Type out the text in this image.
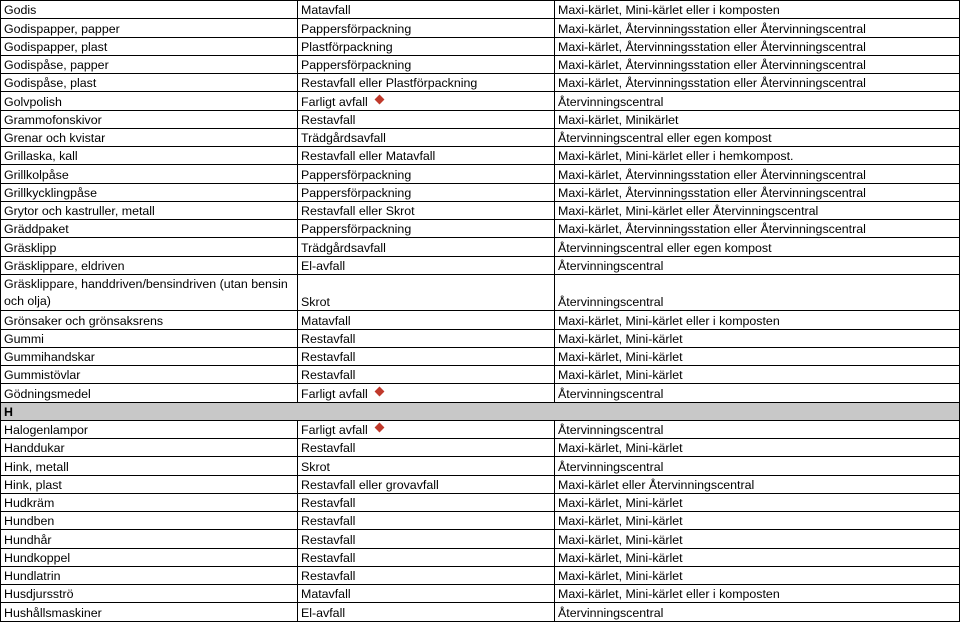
Godis	Matavfall	Maxi-kärlet, Mini-kärlet eller i komposten
Godispapper, papper	Pappersförpackning	Maxi-kärlet, Återvinningsstation eller Återvinningscentral
Godispapper, plast	Plastförpackning	Maxi-kärlet, Återvinningsstation eller Återvinningscentral
Godispåse, papper	Pappersförpackning	Maxi-kärlet, Återvinningsstation eller Återvinningscentral
Godispåse, plast	Restavfall eller Plastförpackning	Maxi-kärlet, Återvinningsstation eller Återvinningscentral
Golvpolish	Farligt avfall	Återvinningscentral
Grammofonskivor	Restavfall	Maxi-kärlet, Minikärlet
Grenar och kvistar	Trädgårdsavfall	Återvinningscentral eller egen kompost
Grillaska, kall	Restavfall eller Matavfall	Maxi-kärlet, Mini-kärlet eller i hemkompost.
Grillkolpåse	Pappersförpackning	Maxi-kärlet, Återvinningsstation eller Återvinningscentral
Grillkycklingpåse	Pappersförpackning	Maxi-kärlet, Återvinningsstation eller Återvinningscentral
Grytor och kastruller, metall	Restavfall eller Skrot	Maxi-kärlet, Mini-kärlet eller Återvinningscentral
Gräddpaket	Pappersförpackning	Maxi-kärlet, Återvinningsstation eller Återvinningscentral
Gräsklipp	Trädgårdsavfall	Återvinningscentral eller egen kompost
Gräsklippare, eldriven	El-avfall	Återvinningscentral
Gräsklippare, handdriven/bensindriven (utan bensin och olja)	Skrot	Återvinningscentral
Grönsaker och grönsaksrens	Matavfall	Maxi-kärlet, Mini-kärlet eller i komposten
Gummi	Restavfall	Maxi-kärlet, Mini-kärlet
Gummihandskar	Restavfall	Maxi-kärlet, Mini-kärlet
Gummistövlar	Restavfall	Maxi-kärlet, Mini-kärlet
Gödningsmedel	Farligt avfall	Återvinningscentral
H		
Halogenlampor	Farligt avfall	Återvinningscentral
Handdukar	Restavfall	Maxi-kärlet, Mini-kärlet
Hink, metall	Skrot	Återvinningscentral
Hink, plast	Restavfall eller grovavfall	Maxi-kärlet eller Återvinningscentral
Hudkräm	Restavfall	Maxi-kärlet, Mini-kärlet
Hundben	Restavfall	Maxi-kärlet, Mini-kärlet
Hundhår	Restavfall	Maxi-kärlet, Mini-kärlet
Hundkoppel	Restavfall	Maxi-kärlet, Mini-kärlet
Hundlatrin	Restavfall	Maxi-kärlet, Mini-kärlet
Husdjursströ	Matavfall	Maxi-kärlet, Mini-kärlet eller i komposten
Hushållsmaskiner	El-avfall	Återvinningscentral
